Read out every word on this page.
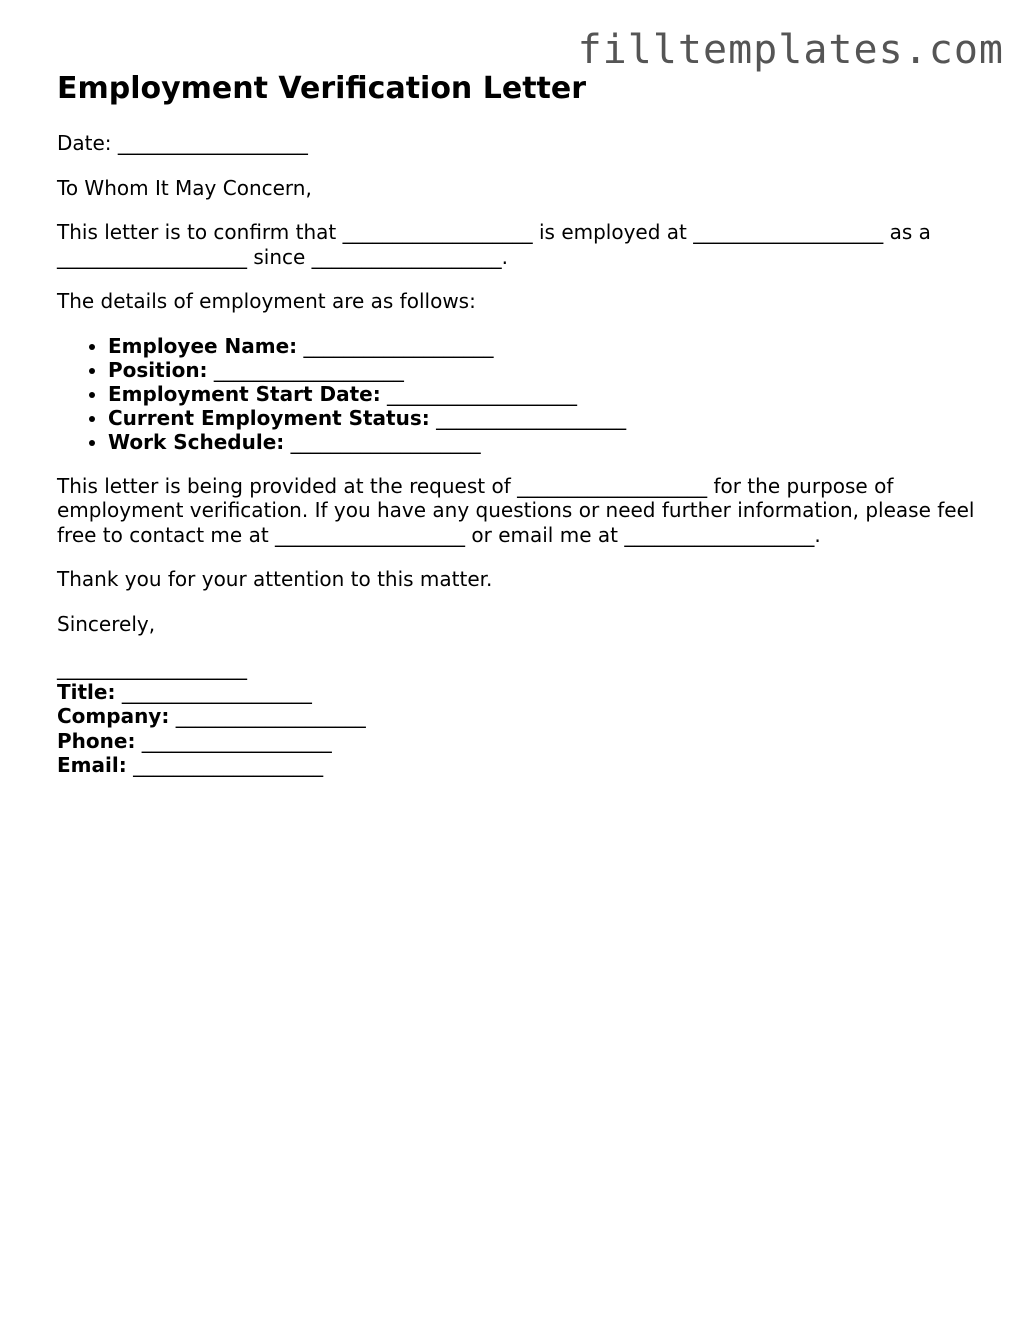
filltemplates.com
Employment Verification Letter

Date: ___________________

To Whom It May Concern,

This letter is to confirm that ___________________ is employed at ___________________ as a ___________________ since ___________________.

The details of employment are as follows:

• Employee Name: ___________________
• Position: ___________________
• Employment Start Date: ___________________
• Current Employment Status: ___________________
• Work Schedule: ___________________

This letter is being provided at the request of ___________________ for the purpose of employment verification. If you have any questions or need further information, please feel free to contact me at ___________________ or email me at ___________________.

Thank you for your attention to this matter.

Sincerely,

___________________
Title: ___________________
Company: ___________________
Phone: ___________________
Email: ___________________
